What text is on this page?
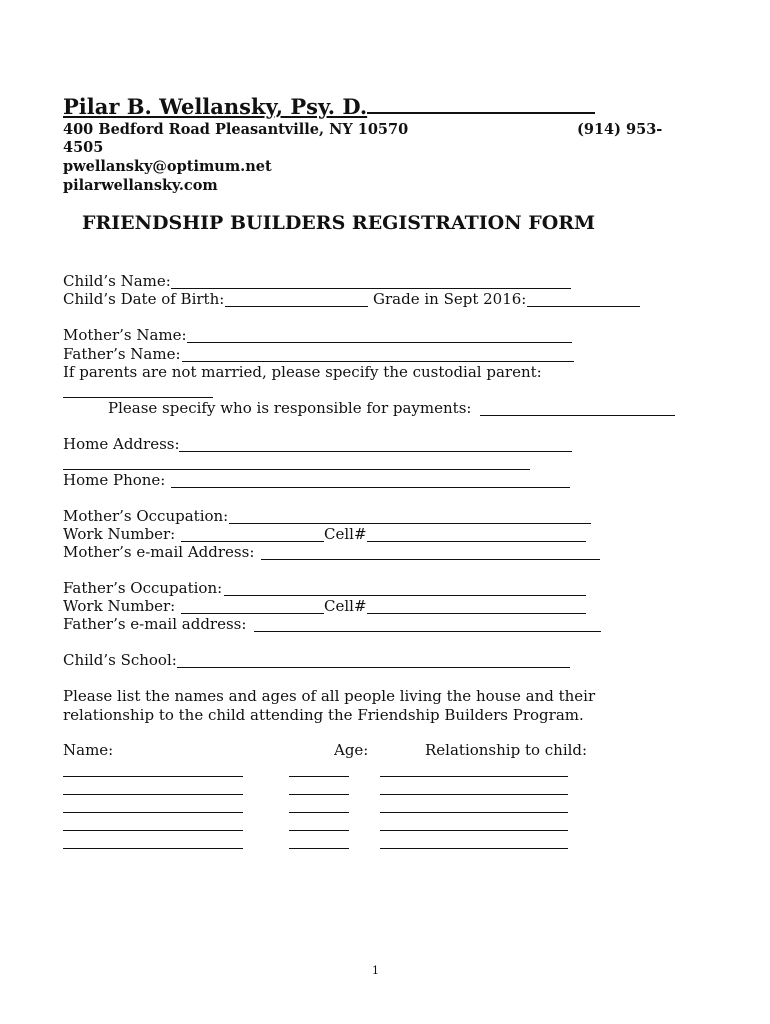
Pilar B. Wellansky, Psy. D.
400 Bedford Road Pleasantville, NY 10570	(914) 953-
4505
pwellansky@optimum.net
pilarwellansky.com
FRIENDSHIP BUILDERS REGISTRATION FORM
Child’s Name:
Child’s Date of Birth:	Grade in Sept 2016:
Mother’s Name:
Father’s Name:
If parents are not married, please specify the custodial parent:
Please specify who is responsible for payments:
Home Address:
Home Phone:
Mother’s Occupation:
Work Number:	Cell#
Mother’s e-mail Address:
Father’s Occupation:
Work Number:	Cell#
Father’s e-mail address:
Child’s School:
Please list the names and ages of all people living the house and their
relationship to the child attending the Friendship Builders Program.
Name:	Age:	Relationship to child:
1
